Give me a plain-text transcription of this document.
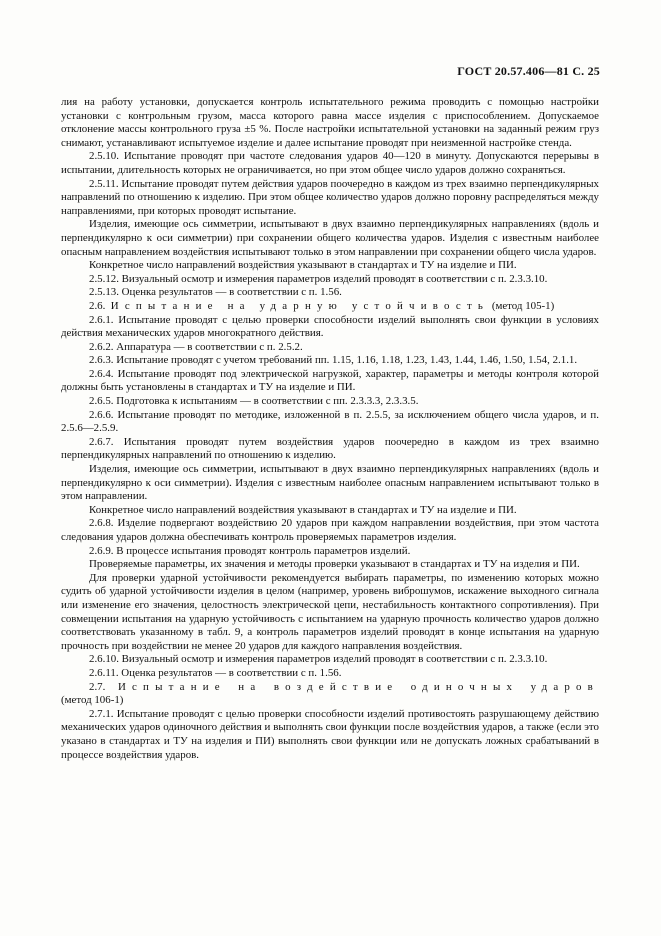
ГОСТ 20.57.406—81 С. 25

лия на работу установки, допускается контроль испытательного режима проводить с помощью настройки установки с контрольным грузом, масса которого равна массе изделия с приспособлением. Допускаемое отклонение массы контрольного груза ±5 %. После настройки испытательной установки на заданный режим груз снимают, устанавливают испытуемое изделие и далее испытание проводят при неизменной настройке стенда.

2.5.10. Испытание проводят при частоте следования ударов 40—120 в минуту. Допускаются перерывы в испытании, длительность которых не ограничивается, но при этом общее число ударов должно сохраняться.

2.5.11. Испытание проводят путем действия ударов поочередно в каждом из трех взаимно перпендикулярных направлений по отношению к изделию. При этом общее количество ударов должно поровну распределяться между направлениями, при которых проводят испытание.

Изделия, имеющие ось симметрии, испытывают в двух взаимно перпендикулярных направлениях (вдоль и перпендикулярно к оси симметрии) при сохранении общего количества ударов. Изделия с известным наиболее опасным направлением воздействия испытывают только в этом направлении при сохранении общего числа ударов.

Конкретное число направлений воздействия указывают в стандартах и ТУ на изделие и ПИ.

2.5.12. Визуальный осмотр и измерения параметров изделий проводят в соответствии с п. 2.3.3.10.

2.5.13. Оценка результатов — в соответствии с п. 1.56.

2.6. Испытание на ударную устойчивость (метод 105-1)

2.6.1. Испытание проводят с целью проверки способности изделий выполнять свои функции в условиях действия механических ударов многократного действия.

2.6.2. Аппаратура — в соответствии с п. 2.5.2.

2.6.3. Испытание проводят с учетом требований пп. 1.15, 1.16, 1.18, 1.23, 1.43, 1.44, 1.46, 1.50, 1.54, 2.1.1.

2.6.4. Испытание проводят под электрической нагрузкой, характер, параметры и методы контроля которой должны быть установлены в стандартах и ТУ на изделие и ПИ.

2.6.5. Подготовка к испытаниям — в соответствии с пп. 2.3.3.3, 2.3.3.5.

2.6.6. Испытание проводят по методике, изложенной в п. 2.5.5, за исключением общего числа ударов, и п. 2.5.6—2.5.9.

2.6.7. Испытания проводят путем воздействия ударов поочередно в каждом из трех взаимно перпендикулярных направлений по отношению к изделию.

Изделия, имеющие ось симметрии, испытывают в двух взаимно перпендикулярных направлениях (вдоль и перпендикулярно к оси симметрии). Изделия с известным наиболее опасным направлением испытывают только в этом направлении.

Конкретное число направлений воздействия указывают в стандартах и ТУ на изделие и ПИ.

2.6.8. Изделие подвергают воздействию 20 ударов при каждом направлении воздействия, при этом частота следования ударов должна обеспечивать контроль проверяемых параметров изделия.

2.6.9. В процессе испытания проводят контроль параметров изделий.

Проверяемые параметры, их значения и методы проверки указывают в стандартах и ТУ на изделия и ПИ.

Для проверки ударной устойчивости рекомендуется выбирать параметры, по изменению которых можно судить об ударной устойчивости изделия в целом (например, уровень виброшумов, искажение выходного сигнала или изменение его значения, целостность электрической цепи, нестабильность контактного сопротивления). При совмещении испытания на ударную устойчивость с испытанием на ударную прочность количество ударов должно соответствовать указанному в табл. 9, а контроль параметров изделий проводят в конце испытания на ударную прочность при воздействии не менее 20 ударов для каждого направления воздействия.

2.6.10. Визуальный осмотр и измерения параметров изделий проводят в соответствии с п. 2.3.3.10.

2.6.11. Оценка результатов — в соответствии с п. 1.56.

2.7. Испытание на воздействие одиночных ударов (метод 106-1)

2.7.1. Испытание проводят с целью проверки способности изделий противостоять разрушающему действию механических ударов одиночного действия и выполнять свои функции после воздействия ударов, а также (если это указано в стандартах и ТУ на изделия и ПИ) выполнять свои функции или не допускать ложных срабатываний в процессе воздействия ударов.
